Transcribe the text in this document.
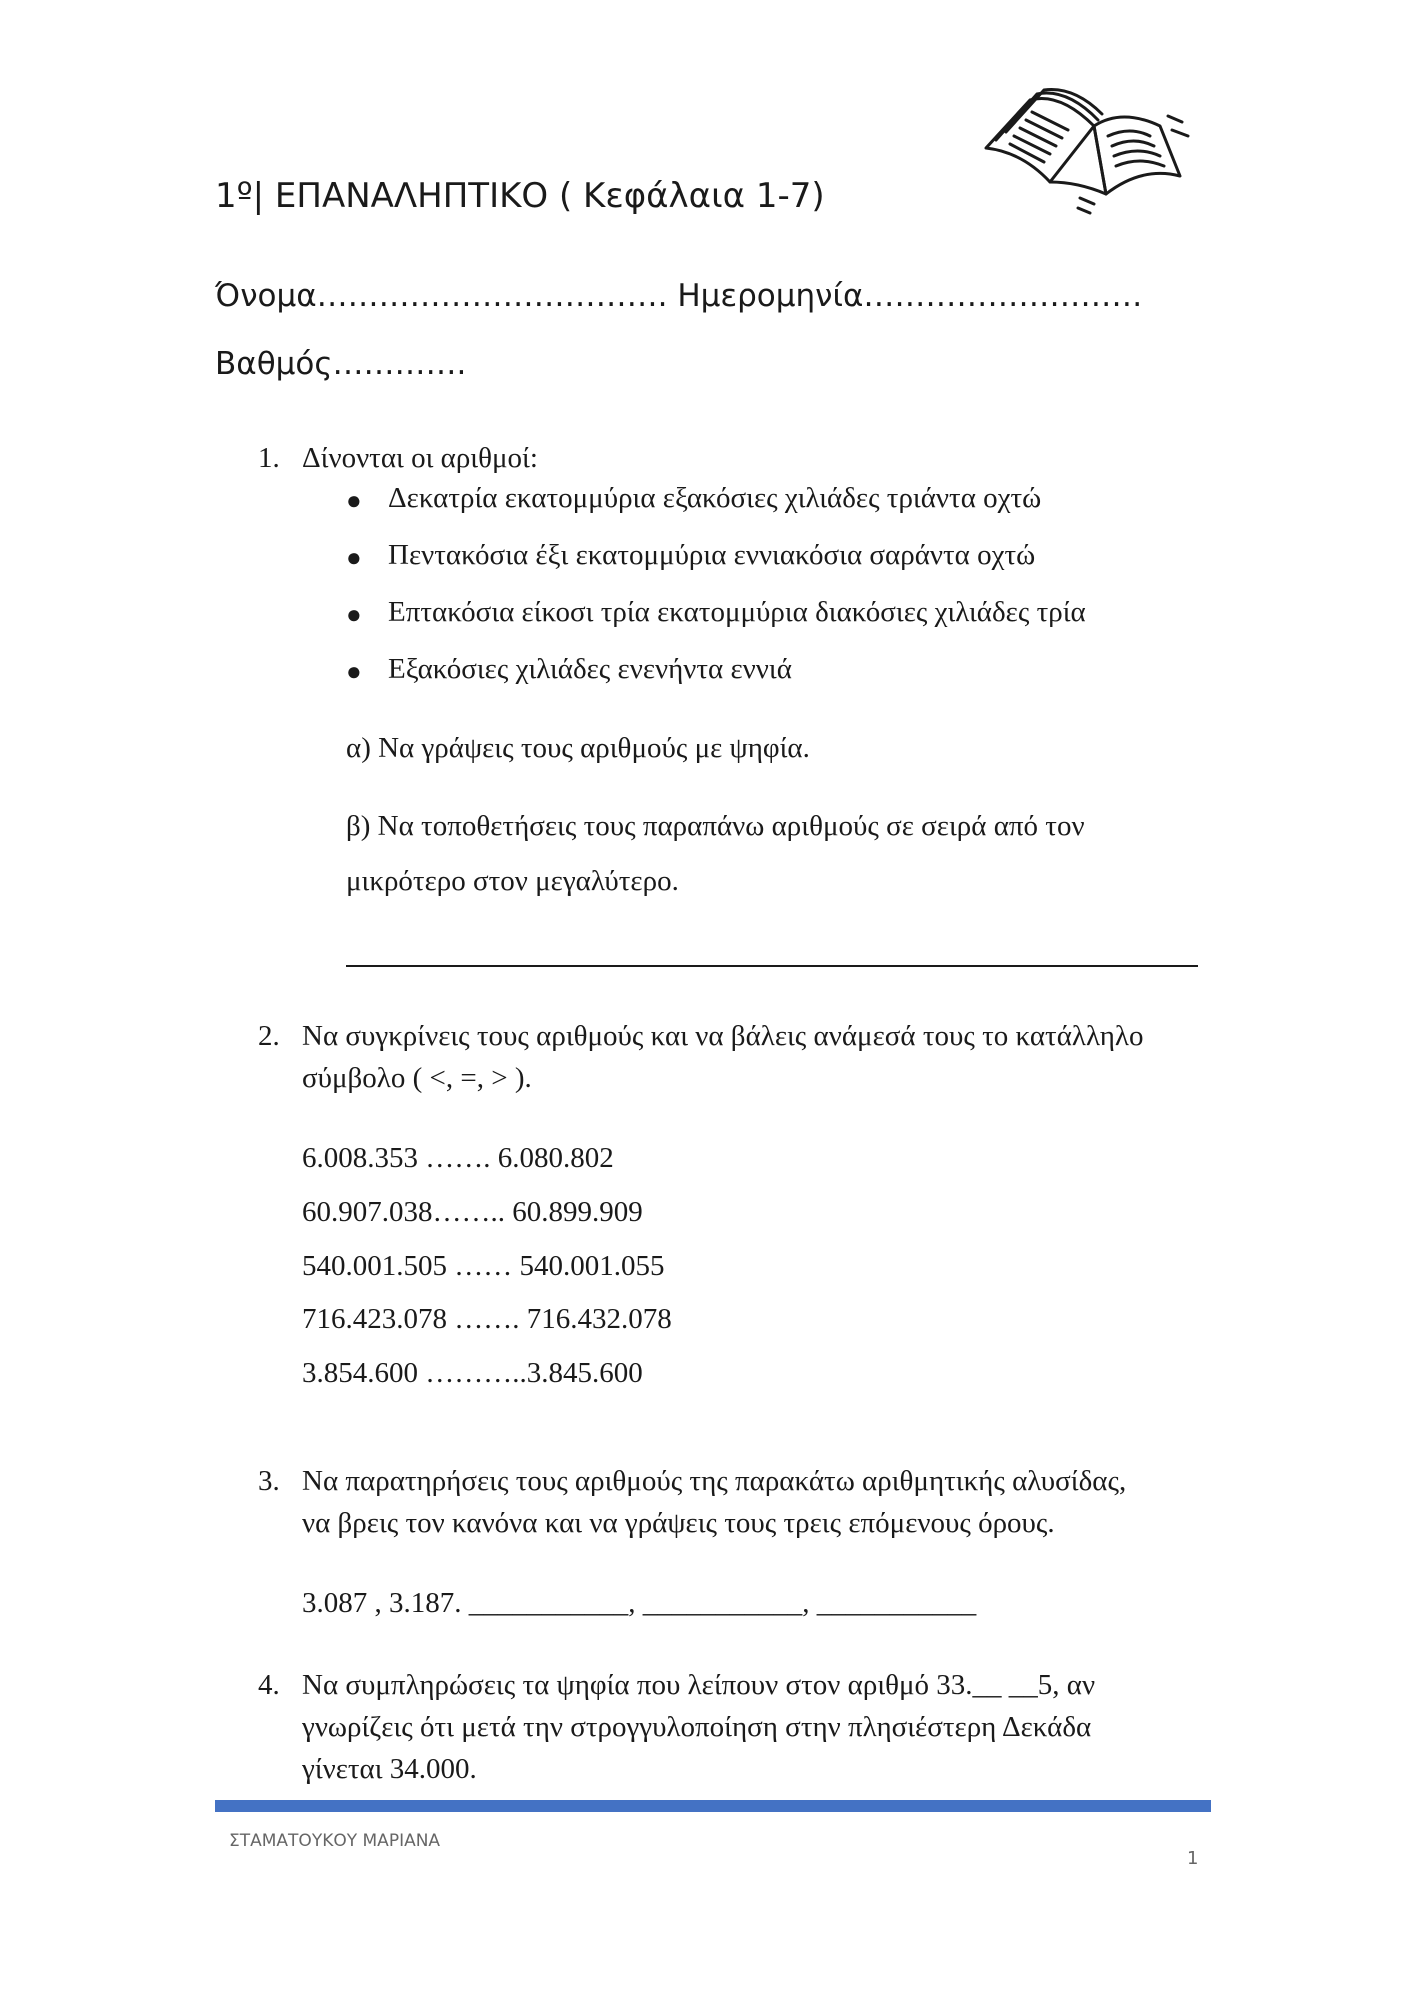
1º| ΕΠΑΝΑΛΗΠΤΙΚΟ ( Κεφάλαια 1-7)
Όνομα……………………………. Ημερομηνία………………………
Βαθμός………….
1. Δίνονται οι αριθμοί:
● Δεκατρία εκατομμύρια εξακόσιες χιλιάδες τριάντα οχτώ
● Πεντακόσια έξι εκατομμύρια εννιακόσια σαράντα οχτώ
● Επτακόσια είκοσι τρία εκατομμύρια διακόσιες χιλιάδες τρία
● Εξακόσιες χιλιάδες ενενήντα εννιά
α) Να γράψεις τους αριθμούς με ψηφία.
β) Να τοποθετήσεις τους παραπάνω αριθμούς σε σειρά από τον
μικρότερο στον μεγαλύτερο.
2. Να συγκρίνεις τους αριθμούς και να βάλεις ανάμεσά τους το κατάλληλο
σύμβολο ( <, =, > ).
6.008.353 ……. 6.080.802
60.907.038…….. 60.899.909
540.001.505 …… 540.001.055
716.423.078 ……. 716.432.078
3.854.600 ………..3.845.600
3. Να παρατηρήσεις τους αριθμούς της παρακάτω αριθμητικής αλυσίδας,
να βρεις τον κανόνα και να γράψεις τους τρεις επόμενους όρους.
3.087 , 3.187. ___________, ___________, ___________
4. Να συμπληρώσεις τα ψηφία που λείπουν στον αριθμό 33.__ __5, αν
γνωρίζεις ότι μετά την στρογγυλοποίηση στην πλησιέστερη Δεκάδα
γίνεται 34.000.
ΣΤΑΜΑΤΟΥΚΟΥ ΜΑΡΙΑΝΑ
1
